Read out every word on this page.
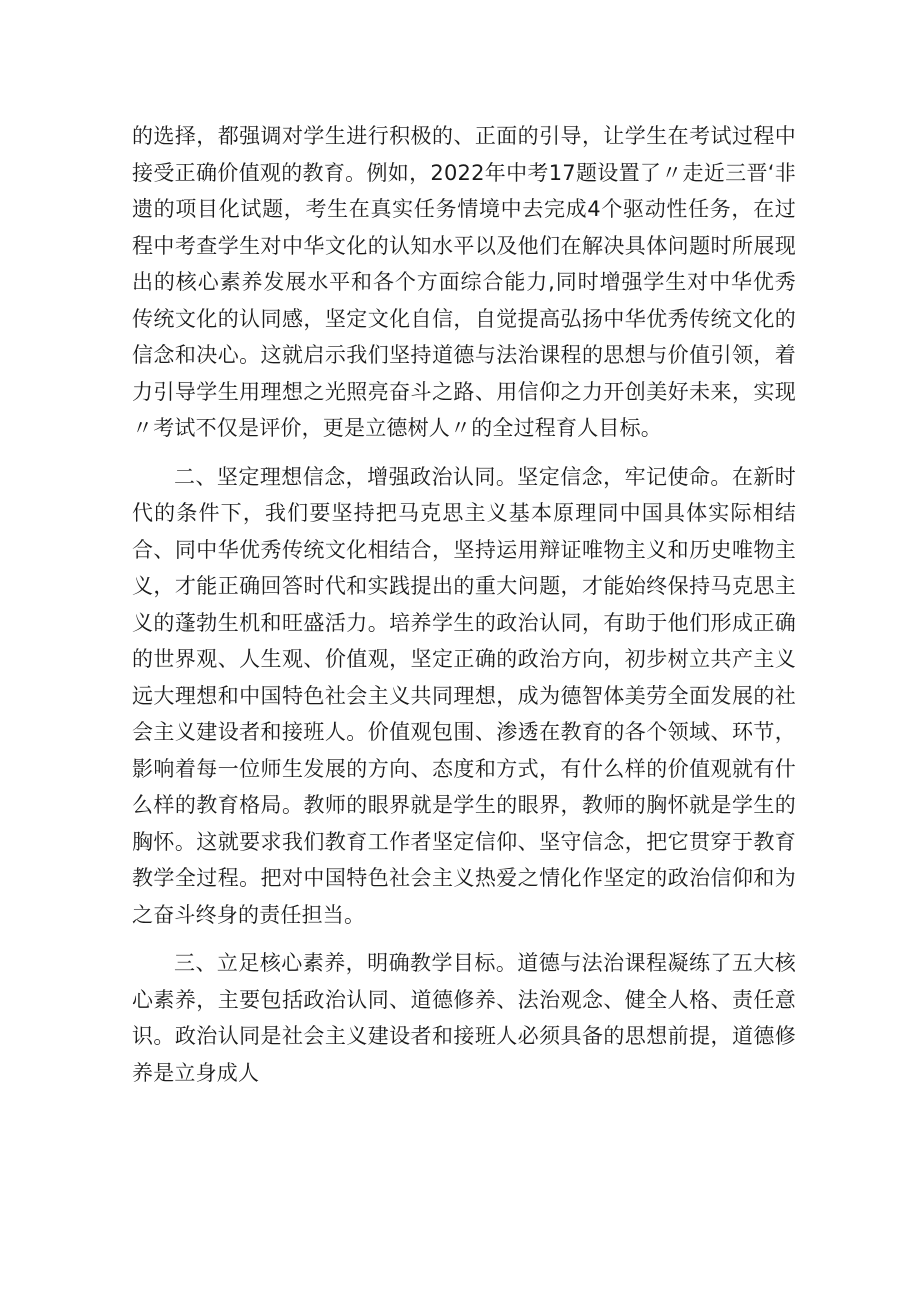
的选择，都强调对学生进行积极的、正面的引导，让学生在考试过程中接受正确价值观的教育。例如，2022年中考17题设置了〃走近三晋‘非遗的项目化试题，考生在真实任务情境中去完成4个驱动性任务，在过程中考查学生对中华文化的认知水平以及他们在解决具体问题时所展现出的核心素养发展水平和各个方面综合能力,同时增强学生对中华优秀传统文化的认同感，坚定文化自信，自觉提高弘扬中华优秀传统文化的信念和决心。这就启示我们坚持道德与法治课程的思想与价值引领，着力引导学生用理想之光照亮奋斗之路、用信仰之力开创美好未来，实现〃考试不仅是评价，更是立德树人〃的全过程育人目标。

二、坚定理想信念，增强政治认同。坚定信念，牢记使命。在新时代的条件下，我们要坚持把马克思主义基本原理同中国具体实际相结合、同中华优秀传统文化相结合，坚持运用辩证唯物主义和历史唯物主义，才能正确回答时代和实践提出的重大问题，才能始终保持马克思主义的蓬勃生机和旺盛活力。培养学生的政治认同，有助于他们形成正确的世界观、人生观、价值观，坚定正确的政治方向，初步树立共产主义远大理想和中国特色社会主义共同理想，成为德智体美劳全面发展的社会主义建设者和接班人。价值观包围、渗透在教育的各个领域、环节，影响着每一位师生发展的方向、态度和方式，有什么样的价值观就有什么样的教育格局。教师的眼界就是学生的眼界，教师的胸怀就是学生的胸怀。这就要求我们教育工作者坚定信仰、坚守信念，把它贯穿于教育教学全过程。把对中国特色社会主义热爱之情化作坚定的政治信仰和为之奋斗终身的责任担当。

三、立足核心素养，明确教学目标。道德与法治课程凝练了五大核心素养，主要包括政治认同、道德修养、法治观念、健全人格、责任意识。政治认同是社会主义建设者和接班人必须具备的思想前提，道德修养是立身成人
